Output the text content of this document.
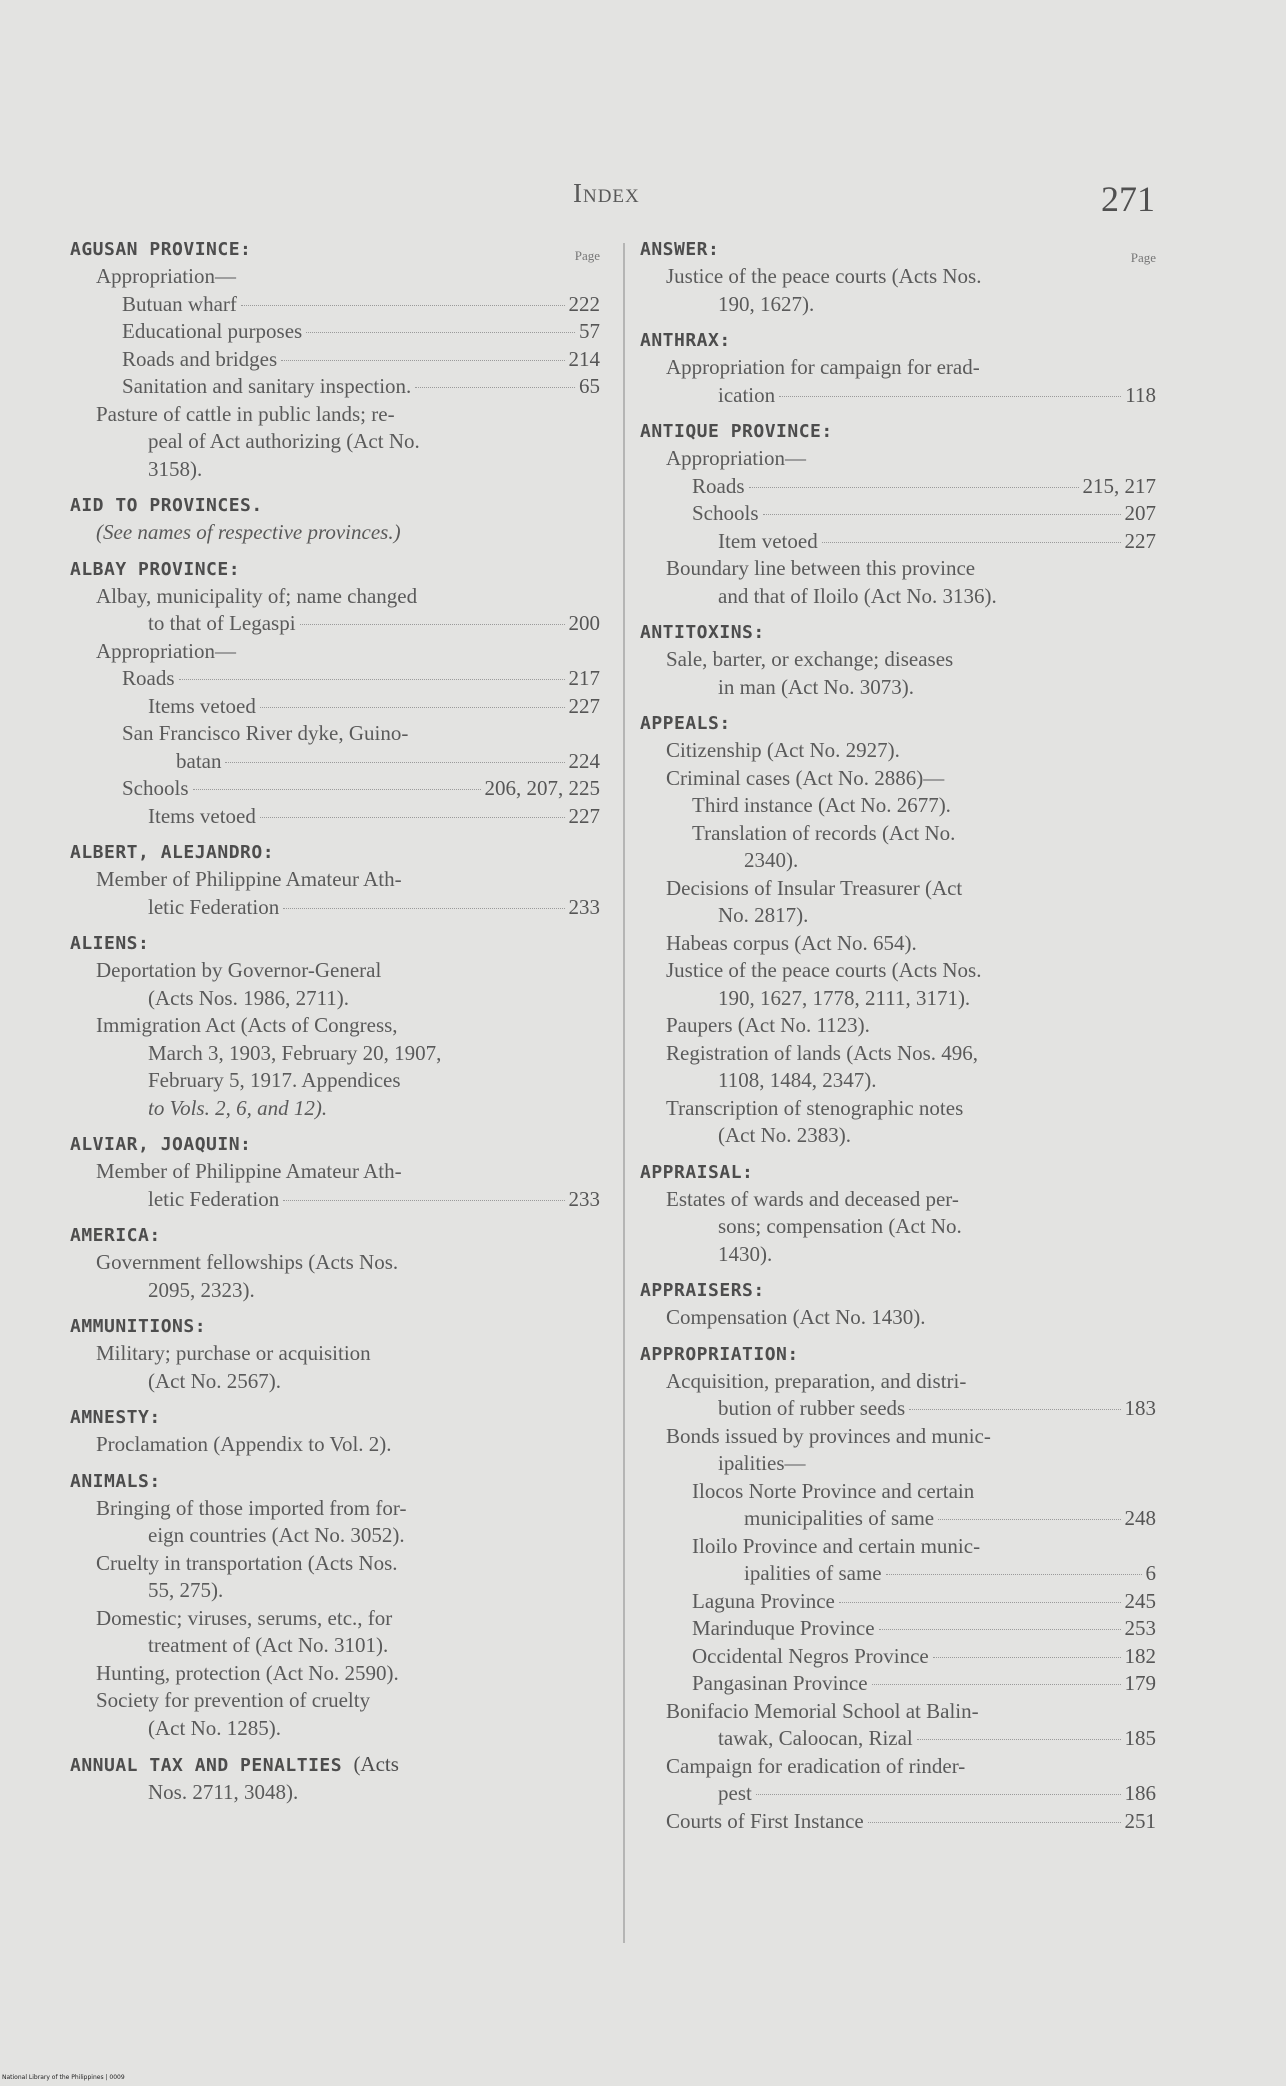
Index	271
Page
AGUSAN PROVINCE:
Appropriation—
Butuan wharf	222
Educational purposes	57
Roads and bridges	214
Sanitation and sanitary inspection.	65
Pasture of cattle in public lands; re-
peal of Act authorizing (Act No.
3158).
AID TO PROVINCES.
(See names of respective provinces.)
ALBAY PROVINCE:
Albay, municipality of; name changed
to that of Legaspi	200
Appropriation—
Roads	217
Items vetoed	227
San Francisco River dyke, Guino-
batan	224
Schools	206, 207, 225
Items vetoed	227
ALBERT, ALEJANDRO:
Member of Philippine Amateur Ath-
letic Federation	233
ALIENS:
Deportation by Governor-General
(Acts Nos. 1986, 2711).
Immigration Act (Acts of Congress,
March 3, 1903, February 20, 1907,
February 5, 1917. Appendices
to Vols. 2, 6, and 12).
ALVIAR, JOAQUIN:
Member of Philippine Amateur Ath-
letic Federation	233
AMERICA:
Government fellowships (Acts Nos.
2095, 2323).
AMMUNITIONS:
Military; purchase or acquisition
(Act No. 2567).
AMNESTY:
Proclamation (Appendix to Vol. 2).
ANIMALS:
Bringing of those imported from for-
eign countries (Act No. 3052).
Cruelty in transportation (Acts Nos.
55, 275).
Domestic; viruses, serums, etc., for
treatment of (Act No. 3101).
Hunting, protection (Act No. 2590).
Society for prevention of cruelty
(Act No. 1285).
ANNUAL TAX AND PENALTIES (Acts
Nos. 2711, 3048).
Page
ANSWER:
Justice of the peace courts (Acts Nos.
190, 1627).
ANTHRAX:
Appropriation for campaign for erad-
ication	118
ANTIQUE PROVINCE:
Appropriation—
Roads	215, 217
Schools	207
Item vetoed	227
Boundary line between this province
and that of Iloilo (Act No. 3136).
ANTITOXINS:
Sale, barter, or exchange; diseases
in man (Act No. 3073).
APPEALS:
Citizenship (Act No. 2927).
Criminal cases (Act No. 2886)—
Third instance (Act No. 2677).
Translation of records (Act No.
2340).
Decisions of Insular Treasurer (Act
No. 2817).
Habeas corpus (Act No. 654).
Justice of the peace courts (Acts Nos.
190, 1627, 1778, 2111, 3171).
Paupers (Act No. 1123).
Registration of lands (Acts Nos. 496,
1108, 1484, 2347).
Transcription of stenographic notes
(Act No. 2383).
APPRAISAL:
Estates of wards and deceased per-
sons; compensation (Act No.
1430).
APPRAISERS:
Compensation (Act No. 1430).
APPROPRIATION:
Acquisition, preparation, and distri-
bution of rubber seeds	183
Bonds issued by provinces and munic-
ipalities—
Ilocos Norte Province and certain
municipalities of same	248
Iloilo Province and certain munic-
ipalities of same	6
Laguna Province	245
Marinduque Province	253
Occidental Negros Province	182
Pangasinan Province	179
Bonifacio Memorial School at Balin-
tawak, Caloocan, Rizal	185
Campaign for eradication of rinder-
pest	186
Courts of First Instance	251
National Library of the Philippines | 0009
